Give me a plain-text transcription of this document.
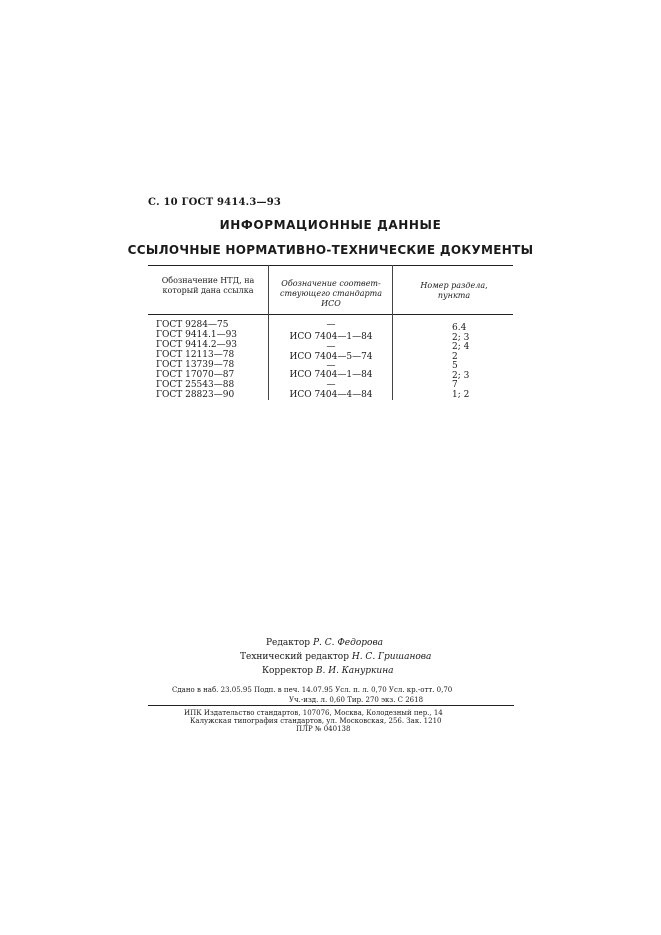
С. 10 ГОСТ 9414.3—93
ИНФОРМАЦИОННЫЕ ДАННЫЕ
ССЫЛОЧНЫЕ НОРМАТИВНО-ТЕХНИЧЕСКИЕ ДОКУМЕНТЫ
Обозначение НТД, на
который дана ссылка
Обозначение соответ-
ствующего стандарта
ИСО
Номер раздела,
пункта
ГОСТ 9284—75
ГОСТ 9414.1—93
ГОСТ 9414.2—93
ГОСТ 12113—78
ГОСТ 13739—78
ГОСТ 17070—87
ГОСТ 25543—88
ГОСТ 28823—90
—
ИСО 7404—1—84
—
ИСО 7404—5—74
—
ИСО 7404—1—84
—
ИСО 7404—4—84
6.4
2; 3
2; 4
2
5
2; 3
7
1; 2
Редактор Р. С. Федорова
Технический редактор Н. С. Гришанова
Корректор В. И. Кануркина
Сдано в наб. 23.05.95 Подп. в печ. 14.07.95 Усл. п. л. 0,70 Усл. кр.-отт. 0,70
Уч.-изд. л. 0,60 Тир. 270 экз. С 2618
ИПК Издательство стандартов, 107076, Москва, Колодезный пер., 14
Калужская типография стандартов, ул. Московская, 256. Зак. 1210
ПЛР № 040138
